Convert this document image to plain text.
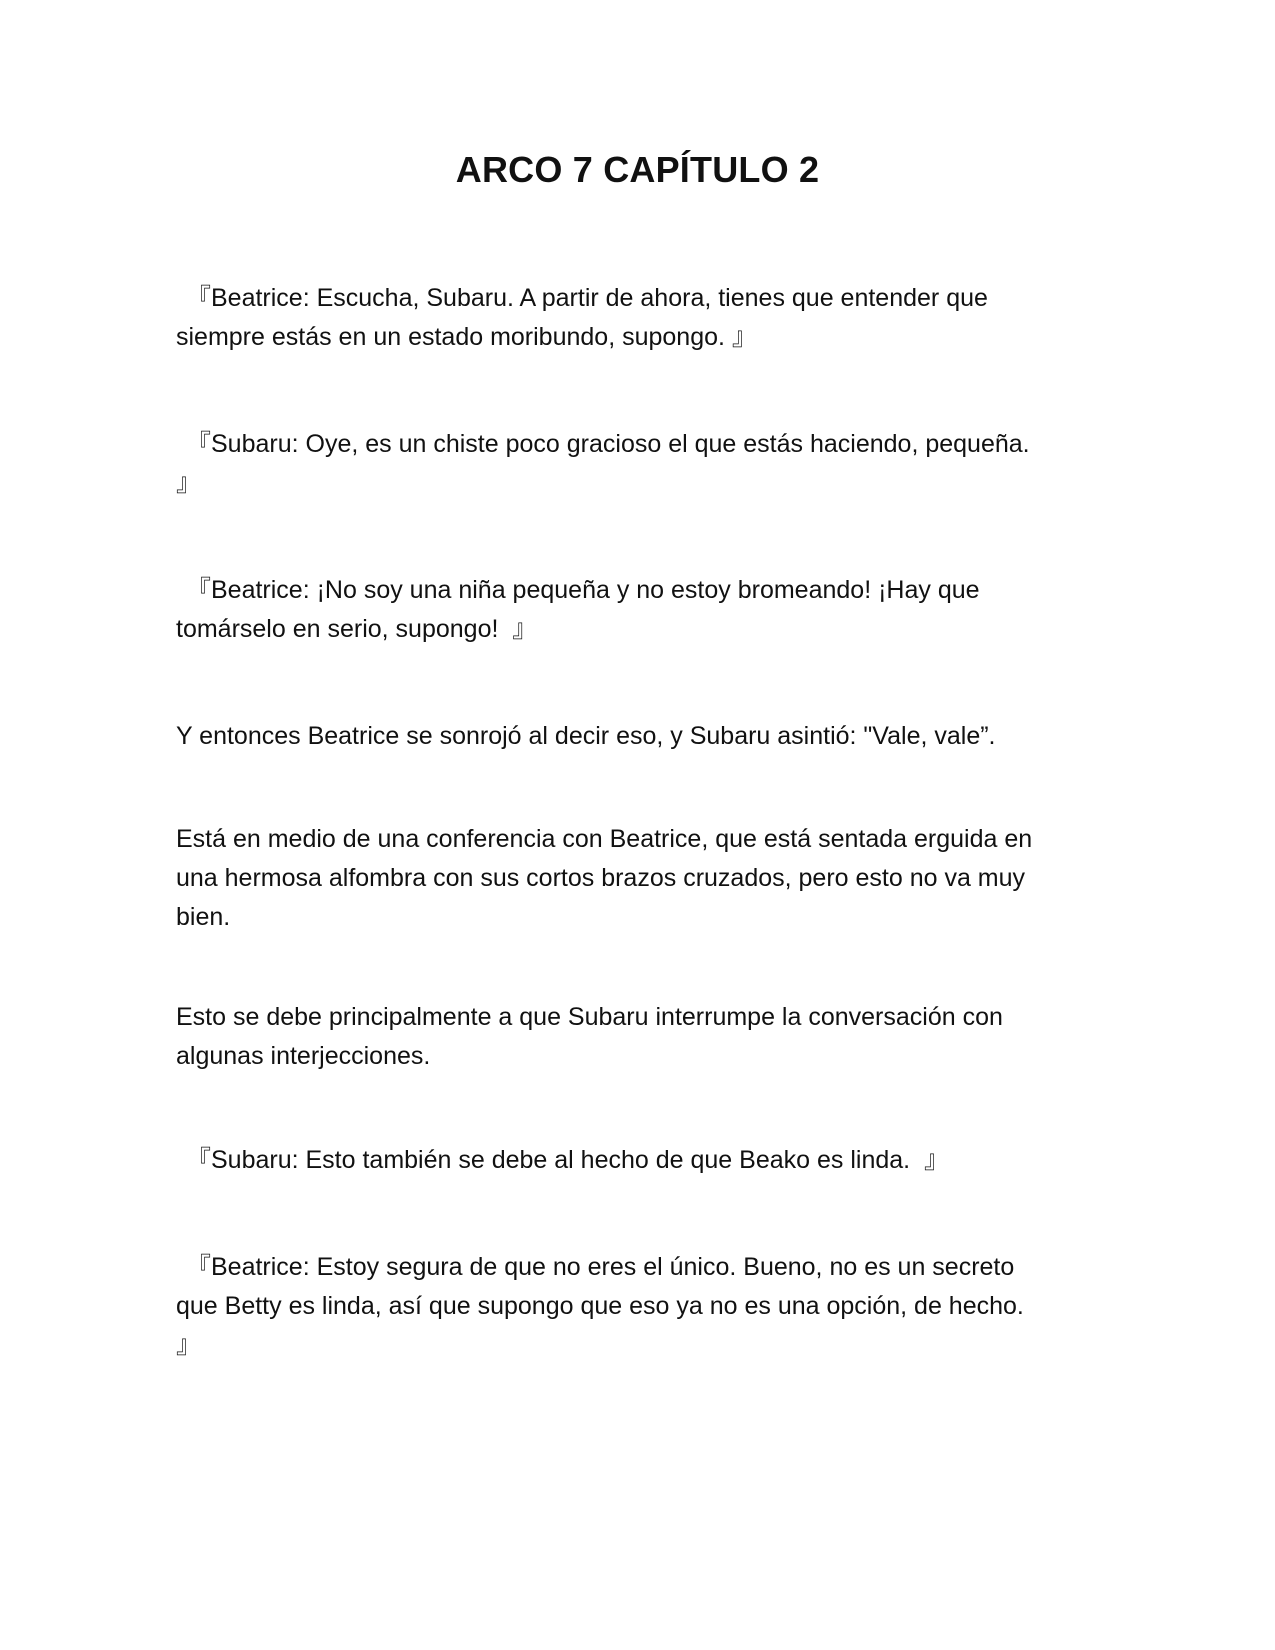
ARCO 7 CAPÍTULO 2

『Beatrice: Escucha, Subaru. A partir de ahora, tienes que entender que
siempre estás en un estado moribundo, supongo. 』

『Subaru: Oye, es un chiste poco gracioso el que estás haciendo, pequeña.
』

『Beatrice: ¡No soy una niña pequeña y no estoy bromeando! ¡Hay que
tomárselo en serio, supongo!  』

Y entonces Beatrice se sonrojó al decir eso, y Subaru asintió: "Vale, vale”.

Está en medio de una conferencia con Beatrice, que está sentada erguida en
una hermosa alfombra con sus cortos brazos cruzados, pero esto no va muy
bien.

Esto se debe principalmente a que Subaru interrumpe la conversación con
algunas interjecciones.

『Subaru: Esto también se debe al hecho de que Beako es linda.  』

『Beatrice: Estoy segura de que no eres el único. Bueno, no es un secreto
que Betty es linda, así que supongo que eso ya no es una opción, de hecho.
』
